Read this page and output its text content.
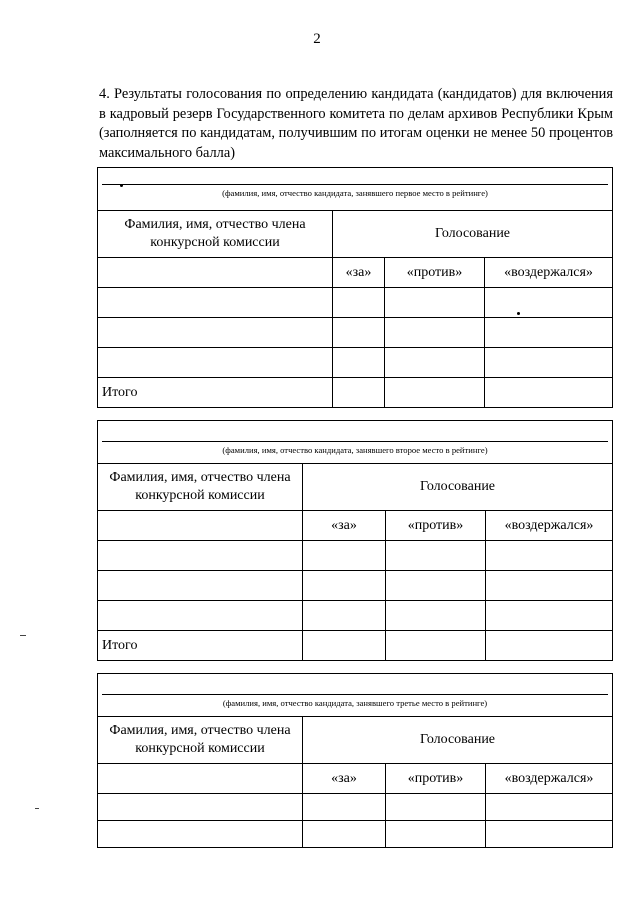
2
4. Результаты голосования по определению кандидата (кандидатов) для включения в кадровый резерв Государственного комитета по делам архивов Республики Крым (заполняется по кандидатам, получившим по итогам оценки не менее 50 процентов максимального балла)
(фамилия, имя, отчество кандидата, занявшего первое место в рейтинге)			

Фамилия, имя, отчество члена конкурсной комиссии	Голосование		
	«за»	«против»	«воздержался»

Итого			
(фамилия, имя, отчество кандидата, занявшего второе место в рейтинге)			

Фамилия, имя, отчество члена конкурсной комиссии	Голосование		
	«за»	«против»	«воздержался»

Итого			
(фамилия, имя, отчество кандидата, занявшего третье место в рейтинге)			

Фамилия, имя, отчество члена конкурсной комиссии	Голосование		
	«за»	«против»	«воздержался»
